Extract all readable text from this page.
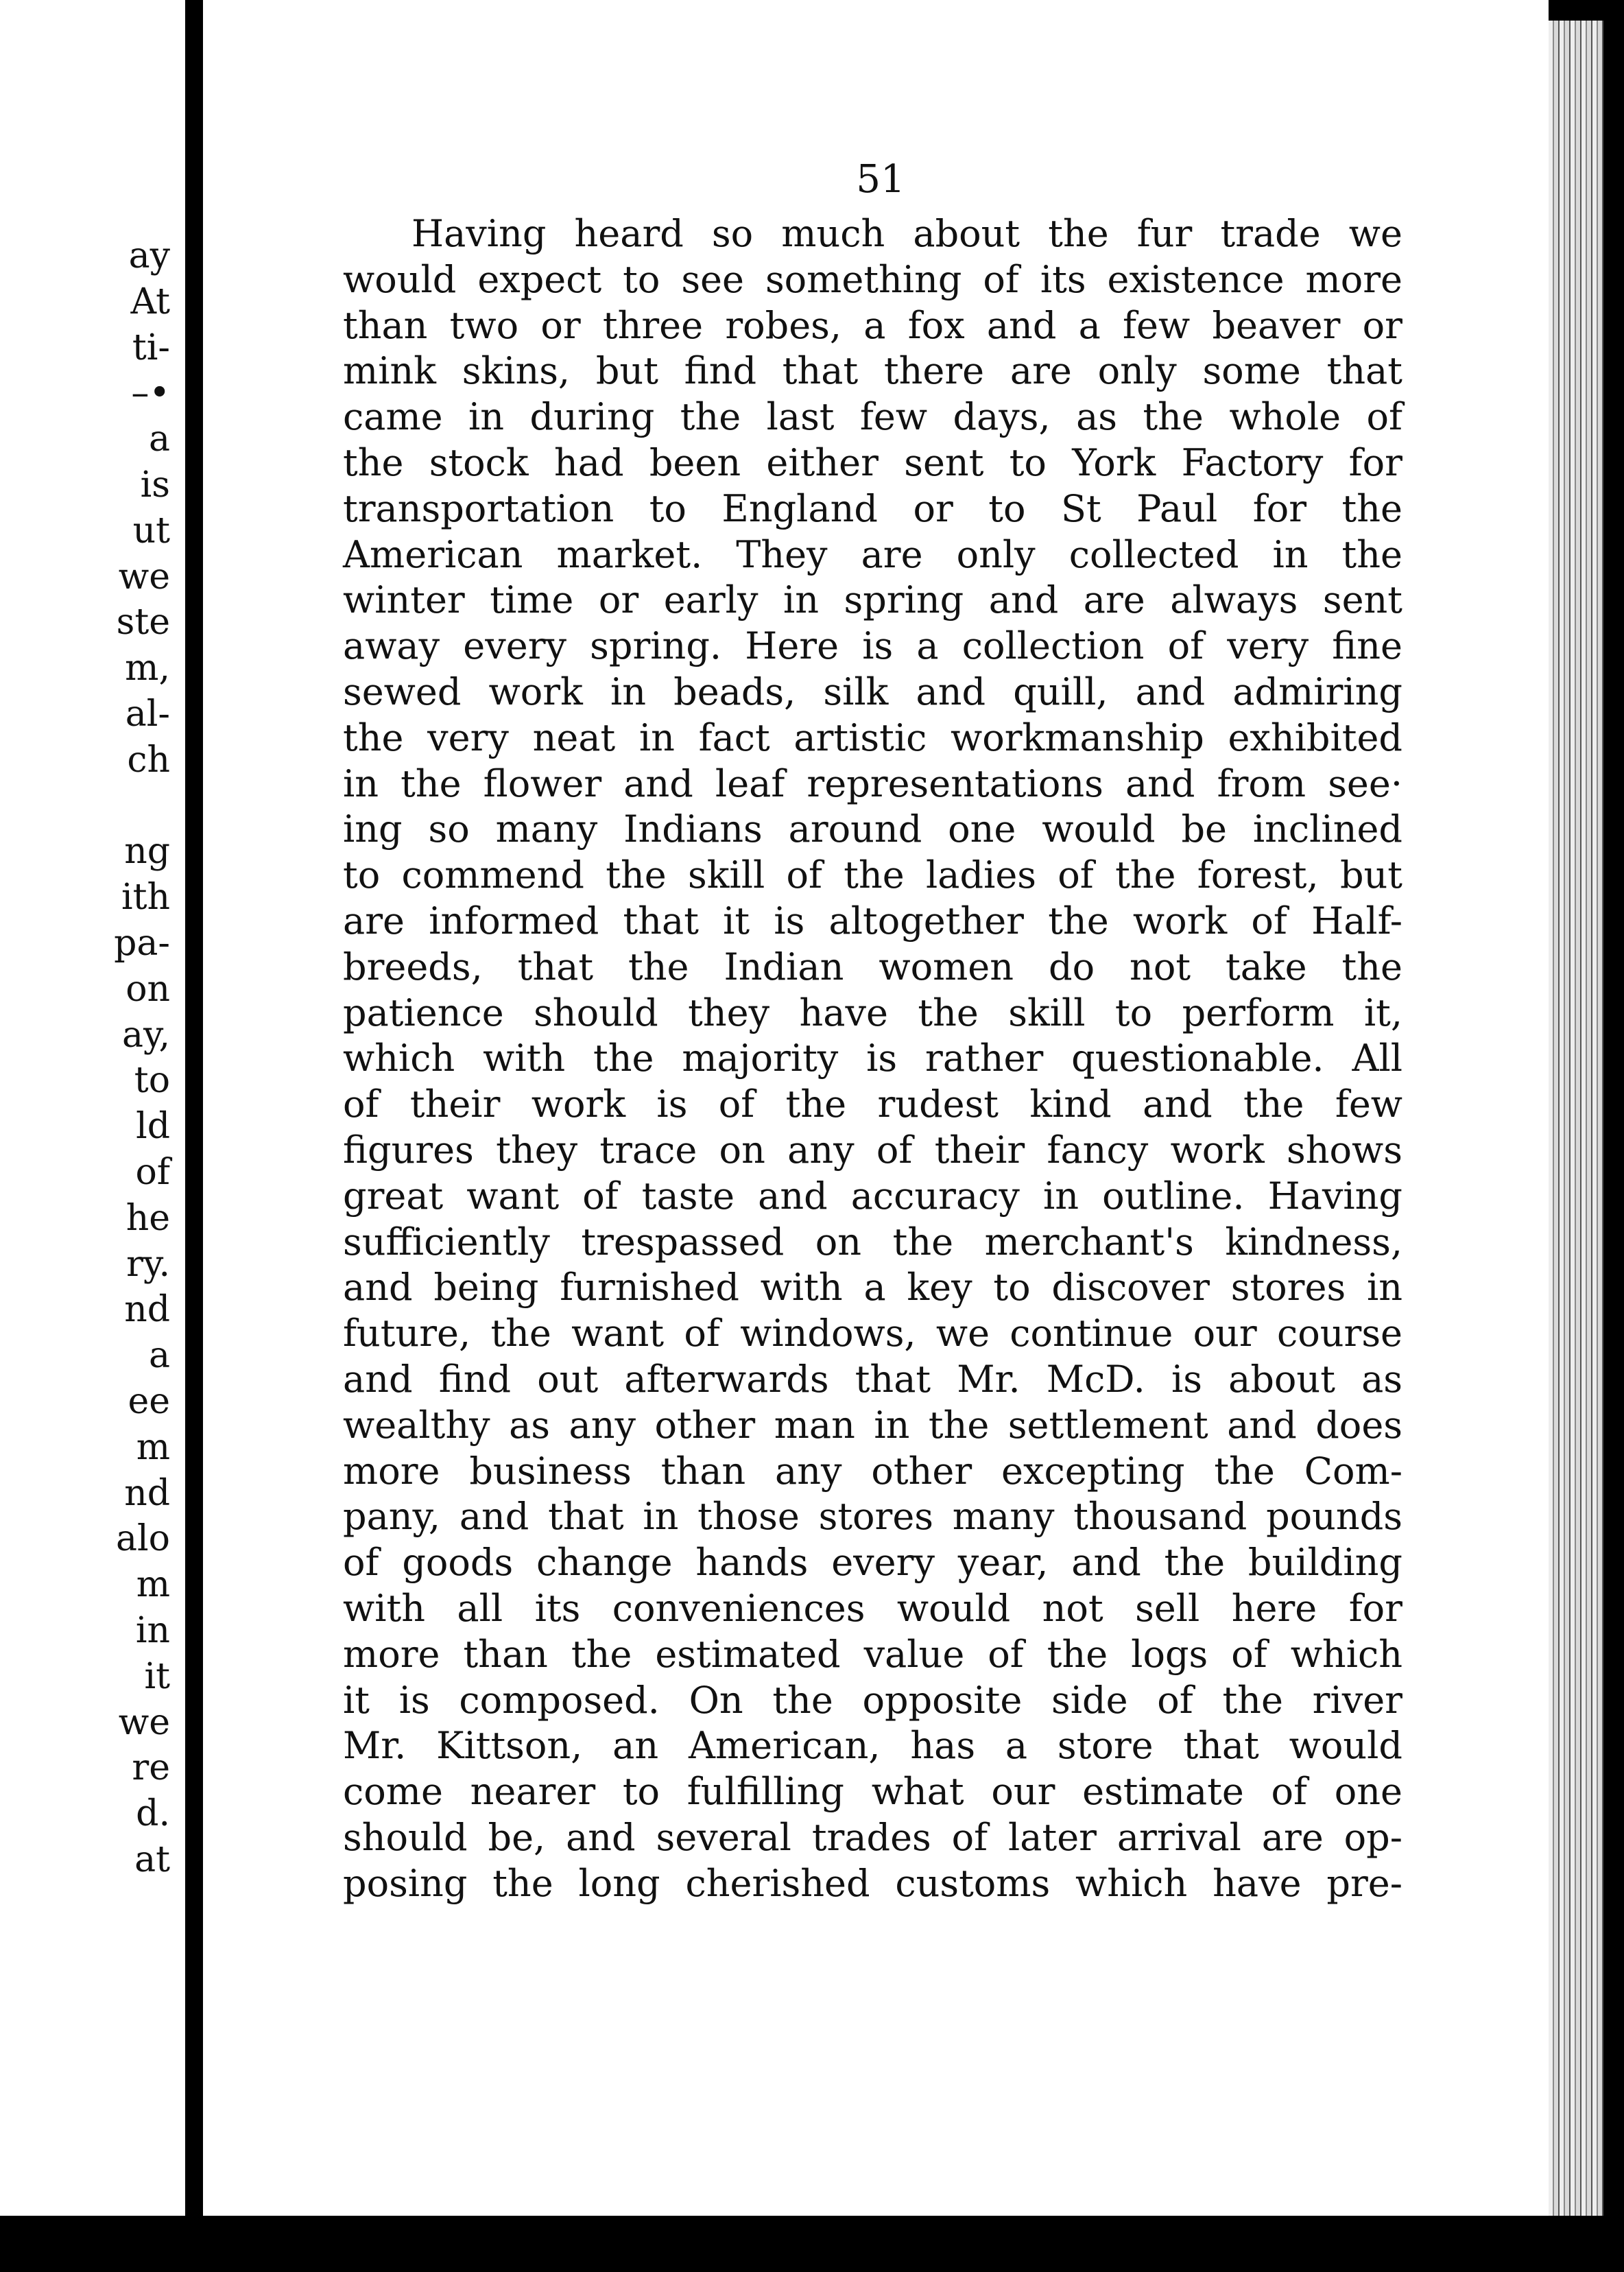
ay
At
ti-
–•
a
is
ut
we
ste
m,
al-
ch
ng
ith
pa-
on
ay,
to
ld
of
he
ry.
nd
a
ee
m
nd
alo
m
in
it
we
re
d.
at
51
Having heard so much about the fur trade we
would expect to see something of its existence more
than two or three robes, a fox and a few beaver or
mink skins, but find that there are only some that
came in during the last few days, as the whole of
the stock had been either sent to York Factory for
transportation to England or to St Paul for the
American market. They are only collected in the
winter time or early in spring and are always sent
away every spring. Here is a collection of very fine
sewed work in beads, silk and quill, and admiring
the very neat in fact artistic workmanship exhibited
in the flower and leaf representations and from see·
ing so many Indians around one would be inclined
to commend the skill of the ladies of the forest, but
are informed that it is altogether the work of Half-
breeds, that the Indian women do not take the
patience should they have the skill to perform it,
which with the majority is rather questionable. All
of their work is of the rudest kind and the few
figures they trace on any of their fancy work shows
great want of taste and accuracy in outline. Having
sufficiently trespassed on the merchant's kindness,
and being furnished with a key to discover stores in
future, the want of windows, we continue our course
and find out afterwards that Mr. McD. is about as
wealthy as any other man in the settlement and does
more business than any other excepting the Com-
pany, and that in those stores many thousand pounds
of goods change hands every year, and the building
with all its conveniences would not sell here for
more than the estimated value of the logs of which
it is composed. On the opposite side of the river
Mr. Kittson, an American, has a store that would
come nearer to fulfilling what our estimate of one
should be, and several trades of later arrival are op-
posing the long cherished customs which have pre-
